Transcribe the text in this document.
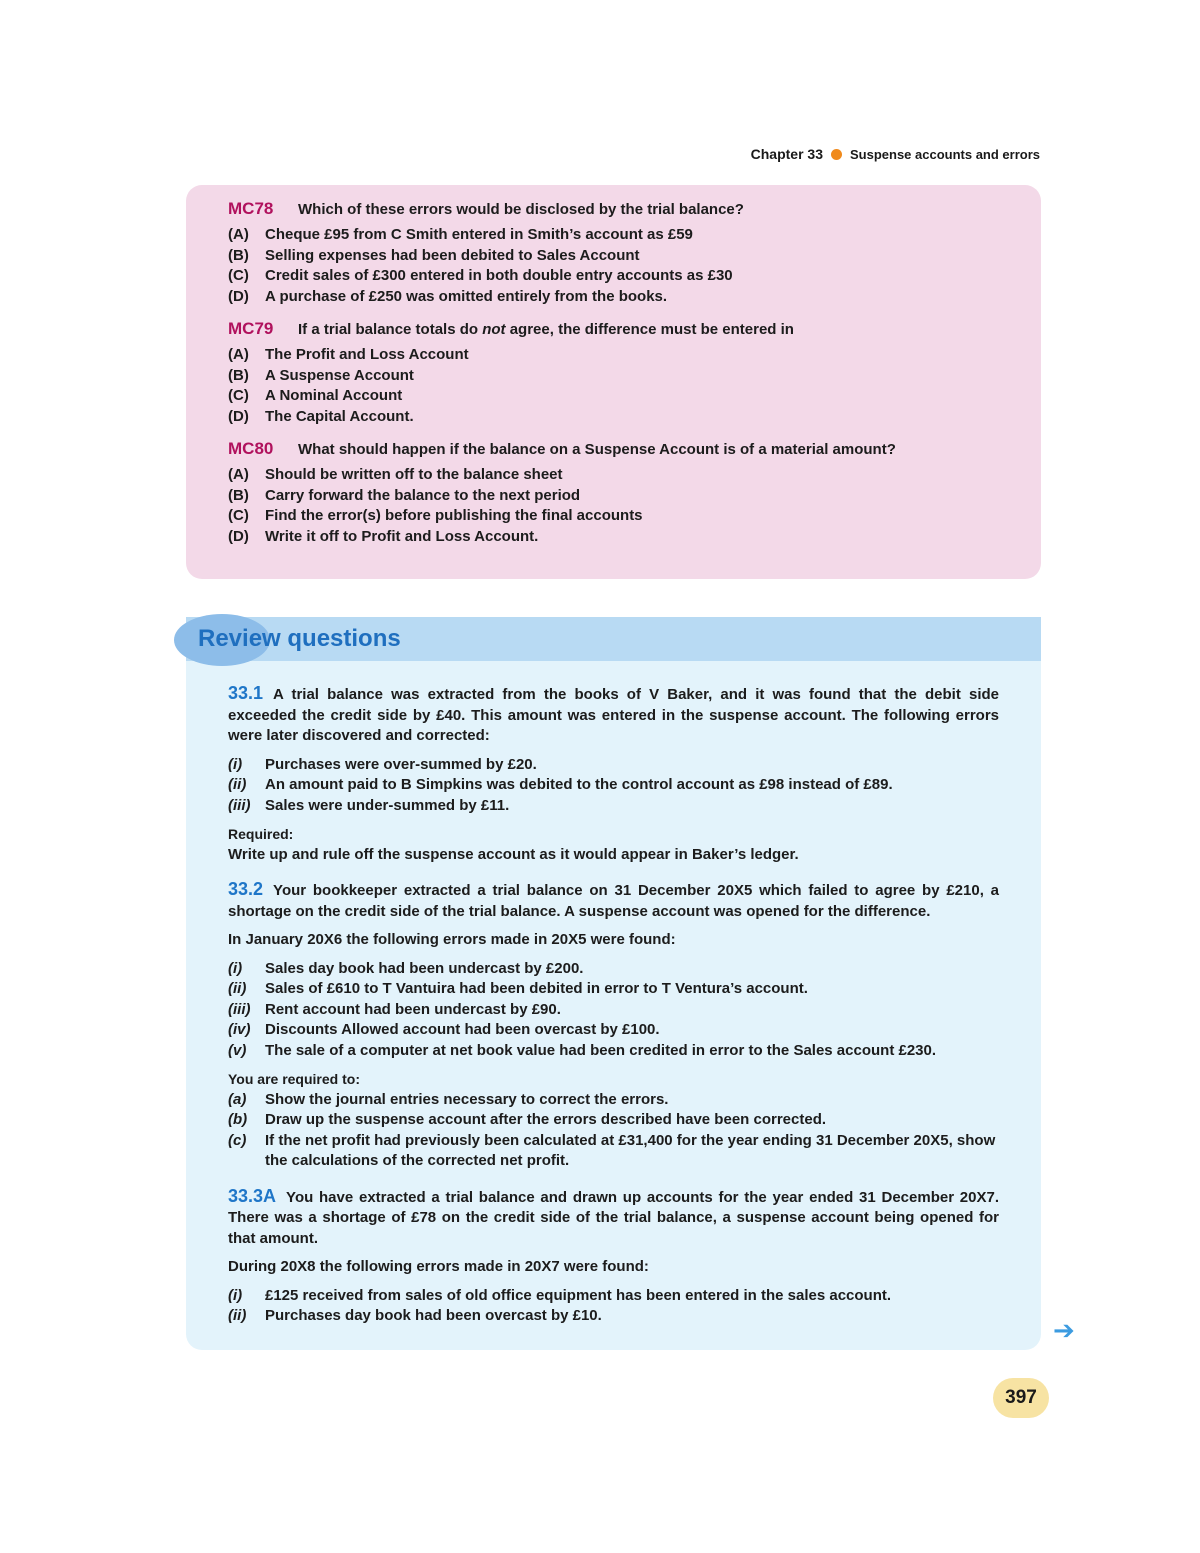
Chapter 33 Suspense accounts and errors
MC78	Which of these errors would be disclosed by the trial balance?
(A)	Cheque £95 from C Smith entered in Smith’s account as £59
(B)	Selling expenses had been debited to Sales Account
(C)	Credit sales of £300 entered in both double entry accounts as £30
(D)	A purchase of £250 was omitted entirely from the books.
MC79	If a trial balance totals do not agree, the difference must be entered in
(A)	The Profit and Loss Account
(B)	A Suspense Account
(C)	A Nominal Account
(D)	The Capital Account.
MC80	What should happen if the balance on a Suspense Account is of a material amount?
(A)	Should be written off to the balance sheet
(B)	Carry forward the balance to the next period
(C)	Find the error(s) before publishing the final accounts
(D)	Write it off to Profit and Loss Account.
Review questions

33.1 A trial balance was extracted from the books of V Baker, and it was found that the debit side exceeded the credit side by £40. This amount was entered in the suspense account. The following errors were later discovered and corrected:

(i)	Purchases were over-summed by £20.
(ii)	An amount paid to B Simpkins was debited to the control account as £98 instead of £89.
(iii) Sales were under-summed by £11.
Required:

Write up and rule off the suspense account as it would appear in Baker’s ledger.

33.2 Your bookkeeper extracted a trial balance on 31 December 20X5 which failed to agree by £210, a shortage on the credit side of the trial balance. A suspense account was opened for the difference.

In January 20X6 the following errors made in 20X5 were found:

(i)	Sales day book had been undercast by £200.
(ii)	Sales of £610 to T Vantuira had been debited in error to T Ventura’s account.
(iii) Rent account had been undercast by £90.
(iv) Discounts Allowed account had been overcast by £100.
(v)	The sale of a computer at net book value had been credited in error to the Sales account £230.
You are required to:
(a)	Show the journal entries necessary to correct the errors.
(b)	Draw up the suspense account after the errors described have been corrected.
(c)	If the net profit had previously been calculated at £31,400 for the year ending 31 December 20X5, show the calculations of the corrected net profit.

33.3A You have extracted a trial balance and drawn up accounts for the year ended 31 December 20X7. There was a shortage of £78 on the credit side of the trial balance, a suspense account being opened for that amount.

During 20X8 the following errors made in 20X7 were found:

(i)	£125 received from sales of old office equipment has been entered in the sales account.
(ii)	Purchases day book had been overcast by £10.	➔
397
